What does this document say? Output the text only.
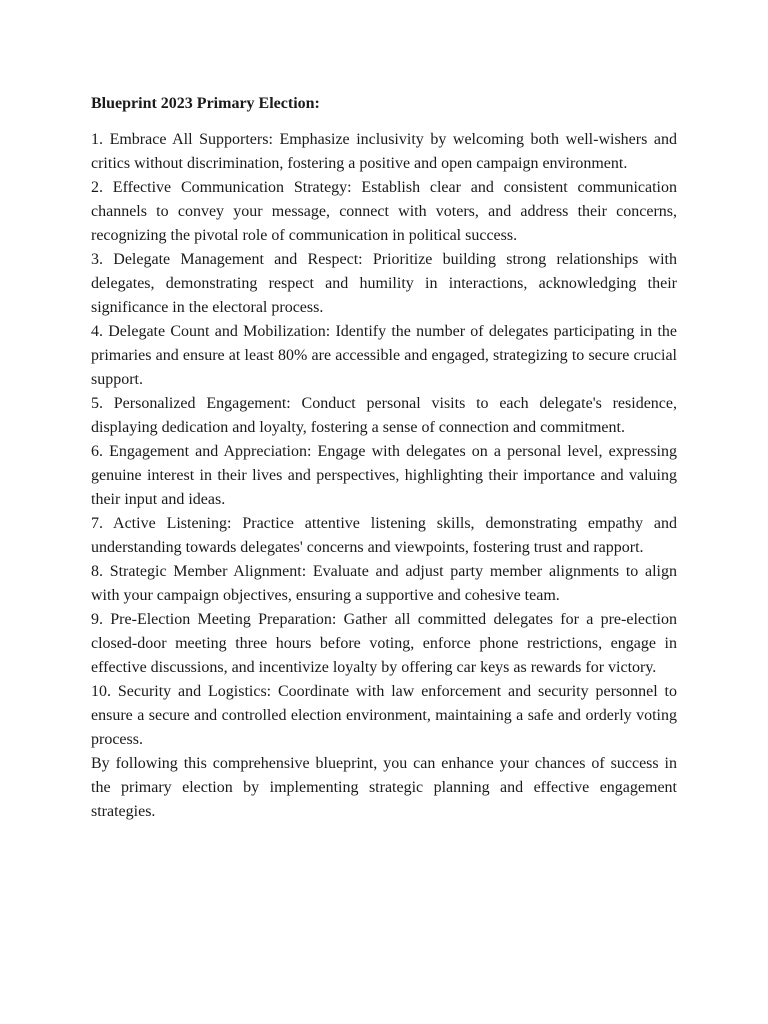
Blueprint 2023 Primary Election:

1. Embrace All Supporters: Emphasize inclusivity by welcoming both well-wishers and critics without discrimination, fostering a positive and open campaign environment.

2. Effective Communication Strategy: Establish clear and consistent communication channels to convey your message, connect with voters, and address their concerns, recognizing the pivotal role of communication in political success.

3. Delegate Management and Respect: Prioritize building strong relationships with delegates, demonstrating respect and humility in interactions, acknowledging their significance in the electoral process.

4. Delegate Count and Mobilization: Identify the number of delegates participating in the primaries and ensure at least 80% are accessible and engaged, strategizing to secure crucial support.

5. Personalized Engagement: Conduct personal visits to each delegate's residence, displaying dedication and loyalty, fostering a sense of connection and commitment.

6. Engagement and Appreciation: Engage with delegates on a personal level, expressing genuine interest in their lives and perspectives, highlighting their importance and valuing their input and ideas.

7. Active Listening: Practice attentive listening skills, demonstrating empathy and understanding towards delegates' concerns and viewpoints, fostering trust and rapport.

8. Strategic Member Alignment: Evaluate and adjust party member alignments to align with your campaign objectives, ensuring a supportive and cohesive team.

9. Pre-Election Meeting Preparation: Gather all committed delegates for a pre-election closed-door meeting three hours before voting, enforce phone restrictions, engage in effective discussions, and incentivize loyalty by offering car keys as rewards for victory.

10. Security and Logistics: Coordinate with law enforcement and security personnel to ensure a secure and controlled election environment, maintaining a safe and orderly voting process.

By following this comprehensive blueprint, you can enhance your chances of success in the primary election by implementing strategic planning and effective engagement strategies.
